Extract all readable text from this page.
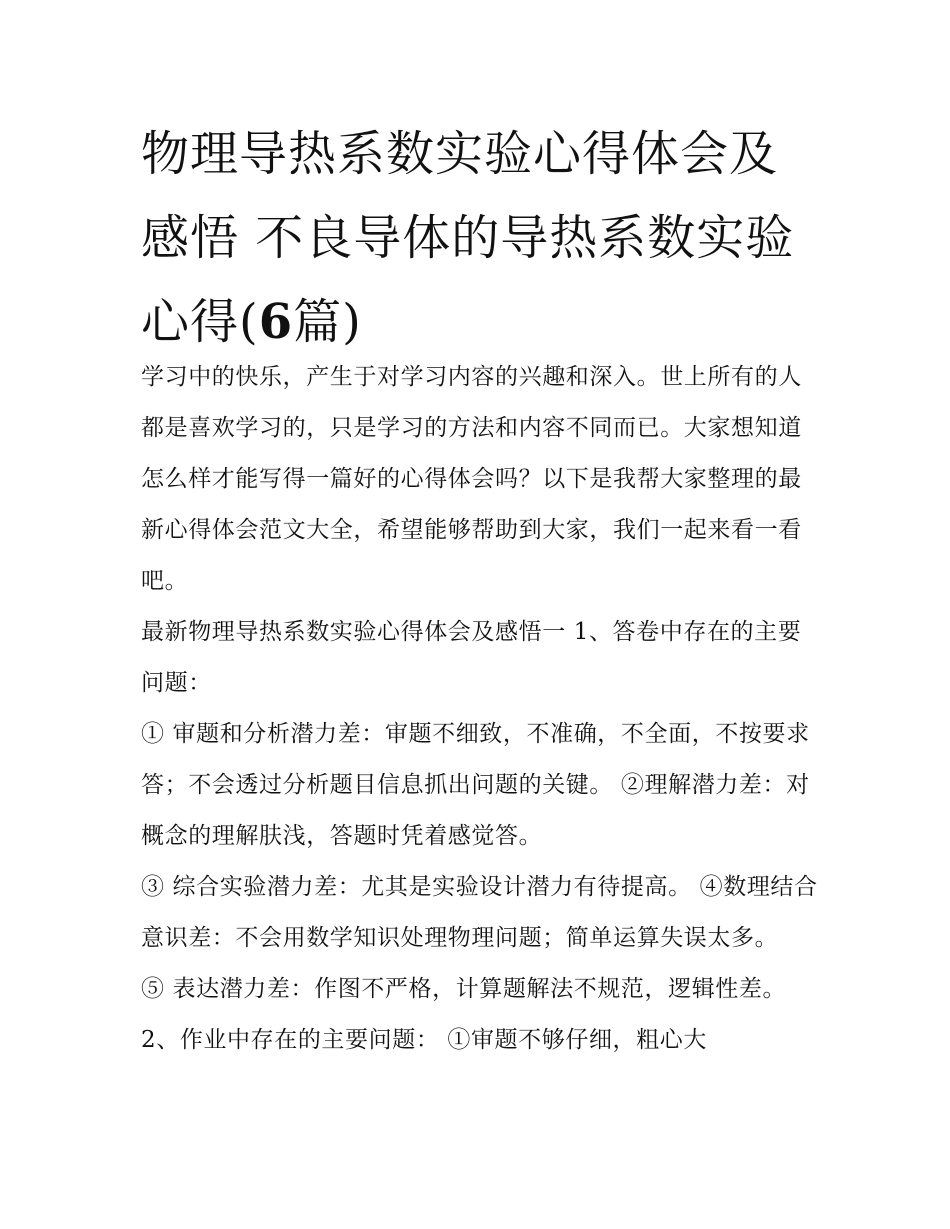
物理导热系数实验心得体会及感悟 不良导体的导热系数实验心得(6篇)

学习中的快乐，产生于对学习内容的兴趣和深入。世上所有的人都是喜欢学习的，只是学习的方法和内容不同而已。大家想知道怎么样才能写得一篇好的心得体会吗？以下是我帮大家整理的最新心得体会范文大全，希望能够帮助到大家，我们一起来看一看吧。

最新物理导热系数实验心得体会及感悟一 1、答卷中存在的主要问题：

① 审题和分析潜力差：审题不细致，不准确，不全面，不按要求答；不会透过分析题目信息抓出问题的关键。 ②理解潜力差：对概念的理解肤浅，答题时凭着感觉答。

③ 综合实验潜力差：尤其是实验设计潜力有待提高。 ④数理结合意识差：不会用数学知识处理物理问题；简单运算失误太多。

⑤ 表达潜力差：作图不严格，计算题解法不规范，逻辑性差。 2、作业中存在的主要问题： ①审题不够仔细，粗心大
